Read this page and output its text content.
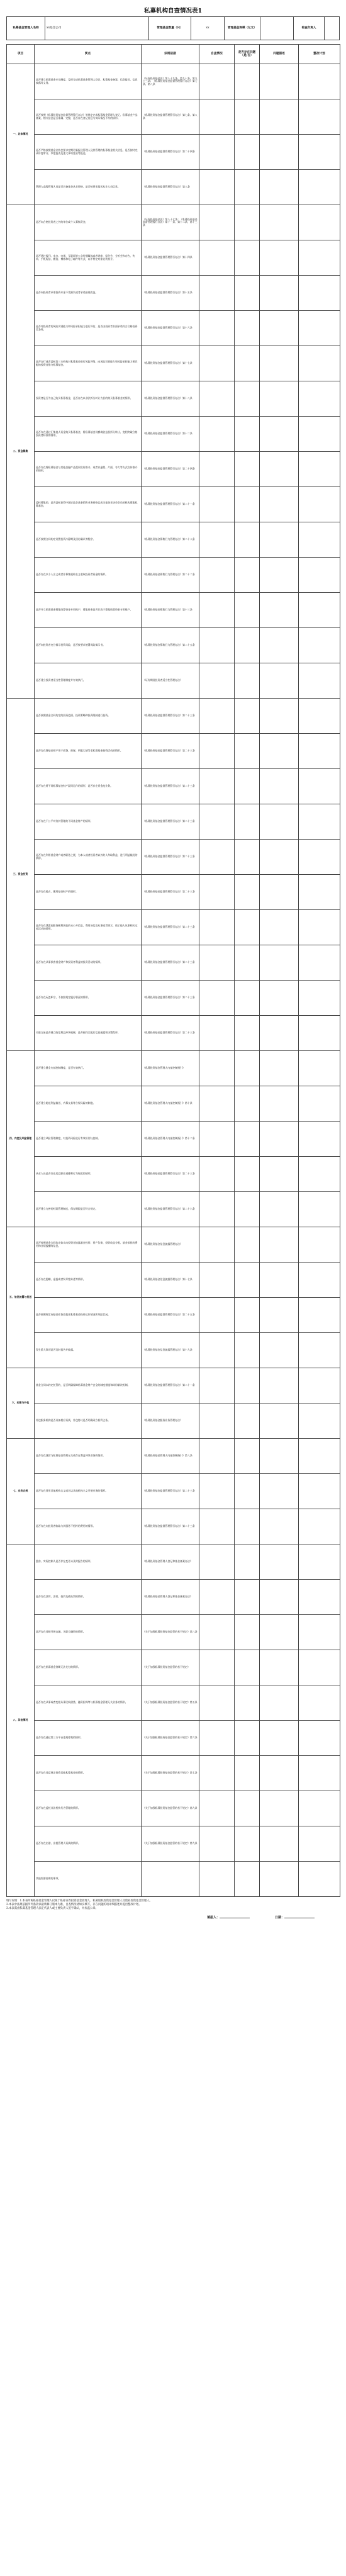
私募机构自查情况表1
私募基金管理人名称	xx基金公司	管理基金数量（只）	xx	管理基金规模（亿元）	检查负责人
项目	要点	法规依据	自查情况	是否存在问题（是/否）	问题描述	整改计划
一、总体情况	是否建立私募基金专员制度，及时完成私募基金管理人登记、私募基金备案、信息报送、信息披露等义务。	《证券投资基金法》第八十九条、第九十条、第九十三条；《私募投资基金监督管理暂行办法》第七条、第八条				
	是否按照《私募投资基金监督管理暂行办法》等规定完成私募基金管理人登记、私募基金产品备案，相关信息是否准确、完整，是否存在登记信息与实际情况不符的情形。	《私募投资基金监督管理暂行办法》第七条、第八条				
	是否严格按照基金业协会要求定期更新报送管理人及其管理的私募基金相关信息，是否按时完成年度审计、季度报表及重大事项变更等报送。	《私募投资基金监督管理暂行办法》第二十四条				
	管理人高级管理人员是否具备基金从业资格，是否按要求报送从业人员信息。	《私募投资基金监督管理暂行办法》第八条				
二、资金募集	是否向合格投资者之外的单位或个人募集资金。	《证券投资基金法》第八十七条；《私募投资基金监督管理暂行办法》第十一条、第十二条、第十三条				
	是否通过报刊、电台、电视、互联网等公众传播媒体或者讲座、报告会、分析会和布告、传单、手机短信、微信、博客和电子邮件等方式，向不特定对象宣传推介。	《私募投资基金监督管理暂行办法》第十四条				
	是否向投资者承诺投资本金不受损失或者承诺最低收益。	《私募投资基金监督管理暂行办法》第十五条				
	是否对投资者的风险识别能力和风险承担能力进行评估，是否由投资者书面承诺符合合格投资者条件。	《私募投资基金监督管理暂行办法》第十六条				
	是否自行或者委托第三方机构对私募基金进行风险评级，向风险识别能力和风险承担能力相匹配的投资者推介私募基金。	《私募投资基金监督管理暂行办法》第十七条				
	投资者是否为自己购买私募基金，是否存在以非法拆分转让为目的购买私募基金的情形。	《私募投资基金监督管理暂行办法》第十八条				
	是否存在通过汇集他人资金购买私募基金、将私募基金份额或收益权拆分转让、变相突破合格投资者标准的情形。	《私募投资基金监督管理暂行办法》第十二条				
	是否存在将私募基金与其他金融产品混同宣传推介，或者以虚假、片面、夸大等方式宣传推介的情形。	《私募投资基金监督管理暂行办法》第二十四条				
	委托募集的，是否委托获得中国证监会基金销售业务资格且成为基金业协会会员的机构募集私募基金。	《私募投资基金监督管理暂行办法》第二十一条				
	是否按照合同约定设置投资冷静期及回访确认等程序。	《私募投资基金募集行为管理办法》第二十八条				
	是否存在以个人名义或者非募集机构名义收取投资者资金的情形。	《私募投资基金募集行为管理办法》第二十二条				
	是否开立私募基金募集结算资金专用账户，募集资金是否存放于募集结算资金专用账户。	《私募投资基金募集行为管理办法》第十三条				
	是否向投资者充分揭示投资风险，是否按要求签署风险揭示书。	《私募投资基金募集行为管理办法》第二十五条				
	是否建立投资者适当性管理制度并有效执行。	《证券期货投资者适当性管理办法》				
三、资金投资	是否按照基金合同约定的投资范围、投资策略和投资限制进行投资。	《私募投资基金监督管理暂行办法》第二十三条				
	是否存在将基金财产用于借贷、担保、明股实债等非私募基金投资活动的情形。	《私募投资基金监督管理暂行办法》第二十三条				
	是否存在将不同私募基金财产混同运作的情形，是否存在资金池业务。	《私募投资基金监督管理暂行办法》第二十三条				
	是否存在不公平对待其管理的不同基金财产的情形。	《私募投资基金监督管理暂行办法》第二十三条				
	是否存在利用基金财产或者职务之便，为本人或者投资者以外的人牟取利益，进行利益输送的情形。	《私募投资基金监督管理暂行办法》第二十三条				
	是否存在侵占、挪用基金财产的情形。	《私募投资基金监督管理暂行办法》第二十三条				
	是否存在泄露因职务便利获取的未公开信息、利用该信息从事或者明示、暗示他人从事相关交易活动的情形。	《私募投资基金监督管理暂行办法》第二十三条				
	是否存在从事损害基金财产和投资者利益的投资活动的情形。	《私募投资基金监督管理暂行办法》第二十三条				
	是否存在玩忽职守，不按照规定履行职责的情形。	《私募投资基金监督管理暂行办法》第二十三条				
	关联交易是否建立防范利益冲突机制，是否按约定履行信息披露和决策程序。	《私募投资基金监督管理暂行办法》第二十三条				
四、内控及风险管理	是否建立健全内部控制制度，是否有效执行。	《私募投资基金管理人内部控制指引》				
	是否建立防范利益输送、内幕交易等合规风险的制度。	《私募投资基金管理人内部控制指引》第十条				
	是否建立风险管理制度，对投资风险进行有效识别与控制。	《私募投资基金管理人内部控制指引》第十二条				
	从业人员是否存在违反职业道德和行为规范的情形。	《私募投资基金监督管理暂行办法》第二十三条				
	是否建立完善的档案管理制度，保存期限是否符合规定。	《私募投资基金监督管理暂行办法》第二十六条				
五、信息披露与报送	是否按照基金合同约定如实向投资者披露基金投资、资产负债、投资收益分配、基金承担的费用和业绩报酬等信息。	《私募投资基金信息披露管理办法》				
	是否存在隐瞒、虚报或者误导性陈述等情形。	《私募投资基金信息披露管理办法》第十七条				
	是否按照规定向基金业协会报送私募基金投资运作情况和风险状况。	《私募投资基金监督管理暂行办法》第二十五条				
	发生重大事项是否及时报告并披露。	《私募投资基金信息披露管理办法》第十九条				
六、托管与外包	基金合同未约定托管的，是否明确保障私募基金财产安全的制度措施和纠纷解决机制。	《私募投资基金监督管理暂行办法》第二十一条				
	外包服务机构是否具备相应资质，外包协议是否明确双方权利义务。	《私募投资基金服务业务管理办法》				
七、业务合规	是否存在兼营与私募基金管理无关或存在利益冲突业务的情形。	《私募投资基金管理人内部控制指引》第八条				
	是否存在冒用其他机构名义或者以其他机构名义开展业务的情形。	《私募投资基金监督管理暂行办法》第二十三条				
	是否存在向投资者收取与其服务不相符的费用的情形。	《私募投资基金监督管理暂行办法》第二十三条				
八、其他情况	股东、实际控制人是否存在变更未及时报告的情形。	《私募投资基金管理人登记和基金备案办法》				
	是否存在涉诉、涉案、投诉及被处罚的情形。	《私募投资基金管理人登记和基金备案办法》				
	是否存在违规开展自融、关联方融资的情形。	《关于加强私募投资基金监管的若干规定》第八条				
	是否存在私募基金到期无法兑付的情形。	《关于加强私募投资基金监管的若干规定》				
	是否存在从事或者变相从事民间借贷、融资担保等与私募基金管理无关业务的情形。	《关于加强私募投资基金监管的若干规定》第五条				
	是否存在通过第三方平台违规募集的情形。	《关于加强私募投资基金监管的若干规定》第六条				
	是否存在违反规定投资其他私募基金的情形。	《关于加强私募投资基金监管的若干规定》第七条				
	是否存在委托非法机构代为管理的情形。	《关于加强私募投资基金监管的若干规定》第九条				
	是否存在出借、出租管理人资质的情形。	《关于加强私募投资基金监管的若干规定》第九条				
	其他需要说明的事项。					
填写说明：1.本表所称私募基金管理人仅限于私募证券投资基金管理人、私募股权投资基金管理人及创业投资基金管理人。
2.本表中法规依据所列条款以最新修订版本为准，自查情况请如实填写，存在问题的请详细描述并提出整改计划。
3.本表需由私募基金管理人法定代表人或主要负责人签字确认，并加盖公章。
填报人：	日期：
